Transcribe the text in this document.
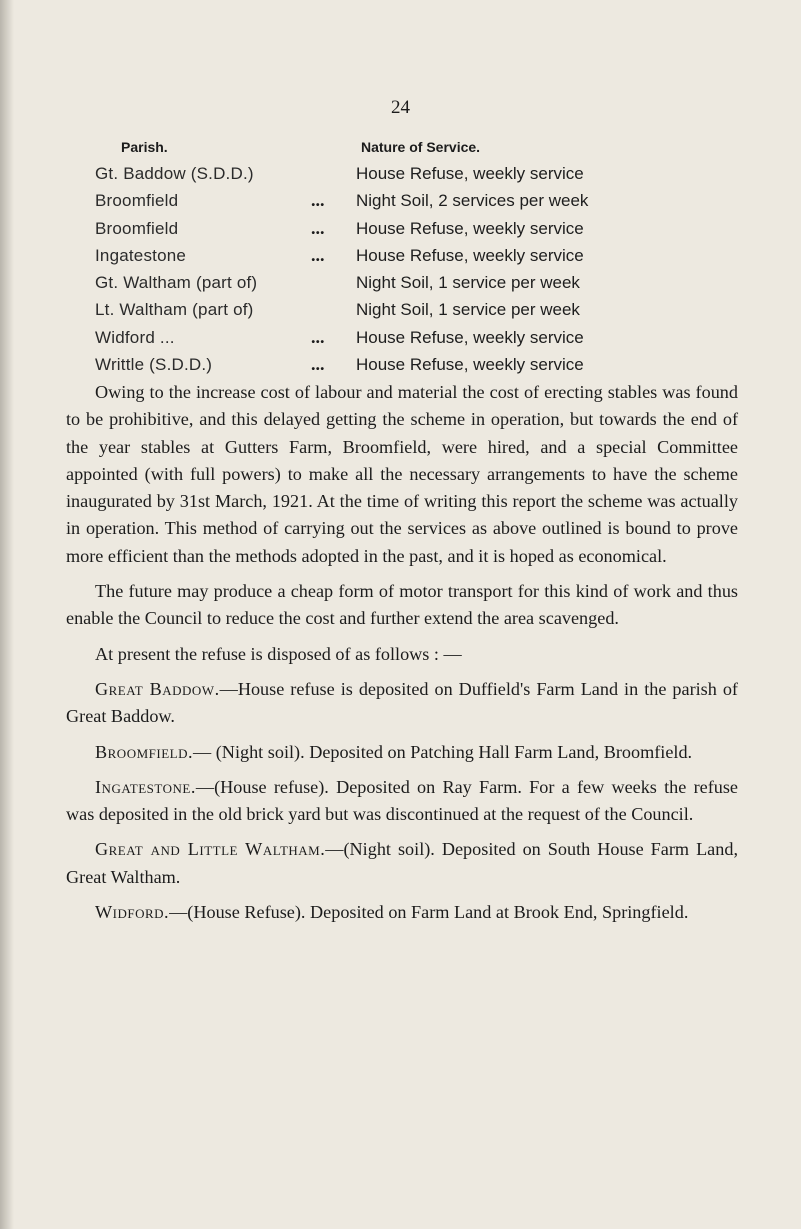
24
Parish.	Nature of Service.
Gt. Baddow (S.D.D.)	House Refuse, weekly service
Broomfield	... Night Soil, 2 services per week
Broomfield	... House Refuse, weekly service
Ingatestone	... House Refuse, weekly service
Gt. Waltham (part of)	Night Soil, 1 service per week
Lt. Waltham (part of)	Night Soil, 1 service per week
Widford ...	... House Refuse, weekly service
Writtle (S.D.D.)	... House Refuse, weekly service

Owing to the increase cost of labour and material the cost of erecting stables was found to be prohibitive, and this delayed getting the scheme in operation, but towards the end of the year stables at Gutters Farm, Broomfield, were hired, and a special Committee appointed (with full powers) to make all the necessary arrangements to have the scheme inaugurated by 31st March, 1921. At the time of writing this report the scheme was actually in operation. This method of carrying out the services as above outlined is bound to prove more efficient than the methods adopted in the past, and it is hoped as economical.

The future may produce a cheap form of motor transport for this kind of work and thus enable the Council to reduce the cost and further extend the area scavenged.

At present the refuse is disposed of as follows : —

Great Baddow.—House refuse is deposited on Duffield's Farm Land in the parish of Great Baddow.

Broomfield.— (Night soil). Deposited on Patching Hall Farm Land, Broomfield.

Ingatestone.—(House refuse). Deposited on Ray Farm. For a few weeks the refuse was deposited in the old brick yard but was discontinued at the request of the Council.

Great and Little Waltham.—(Night soil). Deposited on South House Farm Land, Great Waltham.

Widford.—(House Refuse). Deposited on Farm Land at Brook End, Springfield.
